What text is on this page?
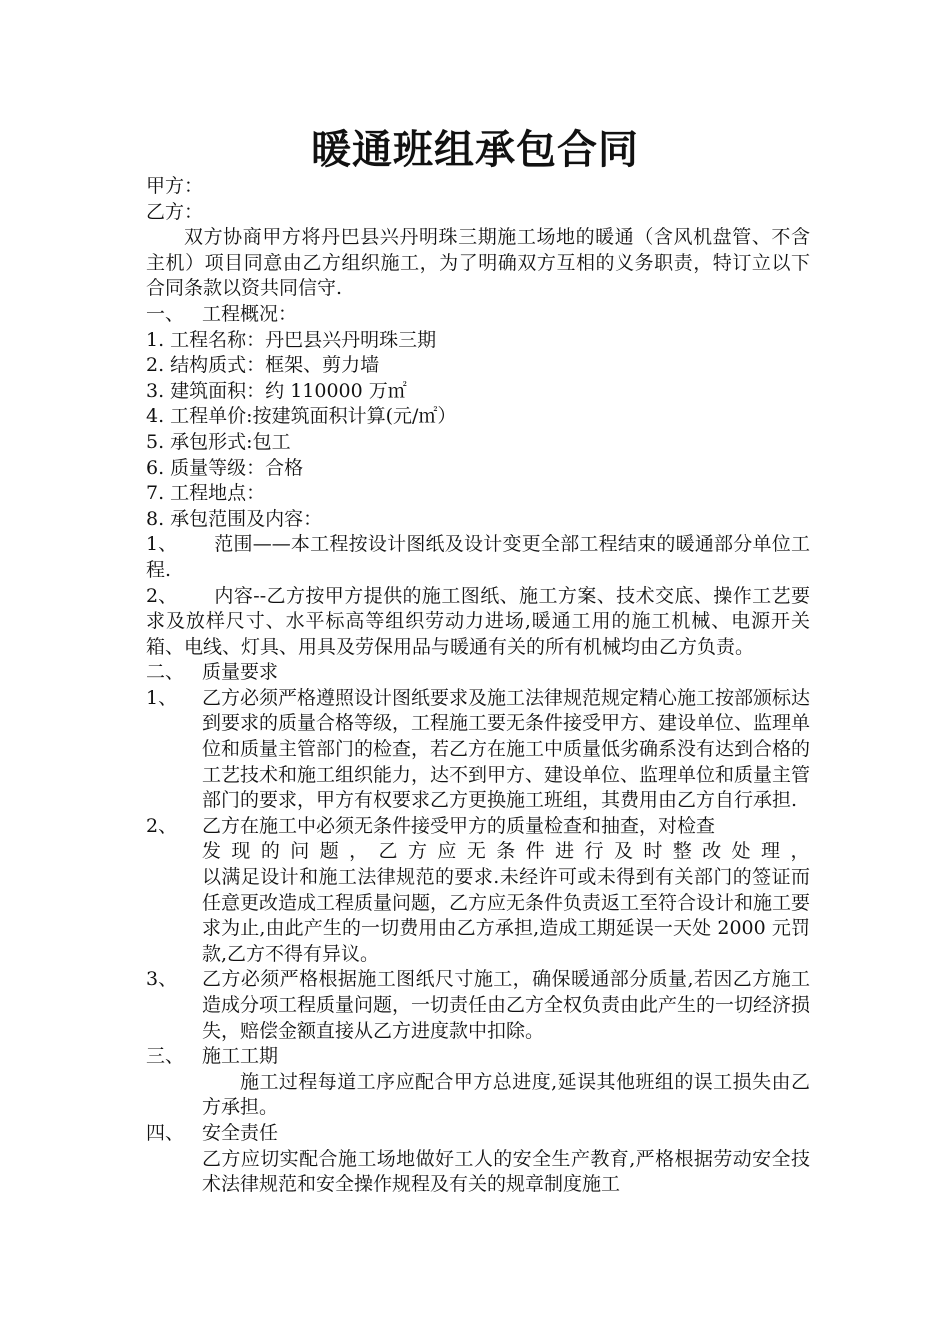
暖通班组承包合同

甲方：

乙方：

双方协商甲方将丹巴县兴丹明珠三期施工场地的暖通（含风机盘管、不含主机）项目同意由乙方组织施工，为了明确双方互相的义务职责，特订立以下合同条款以资共同信守.

一、 工程概况：

1. 工程名称：丹巴县兴丹明珠三期

2. 结构质式：框架、剪力墙

3. 建筑面积：约 110000 万㎡

4. 工程单价:按建筑面积计算(元/㎡）

5. 承包形式:包工

6. 质量等级：合格

7. 工程地点：

8. 承包范围及内容：

1、 范围——本工程按设计图纸及设计变更全部工程结束的暖通部分单位工程.
2、 内容--乙方按甲方提供的施工图纸、施工方案、技术交底、操作工艺要求及放样尺寸、水平标高等组织劳动力进场,暖通工用的施工机械、电源开关箱、电线、灯具、用具及劳保用品与暖通有关的所有机械均由乙方负责。
二、 质量要求
1、	乙方必须严格遵照设计图纸要求及施工法律规范规定精心施工按部颁标达到要求的质量合格等级，工程施工要无条件接受甲方、建设单位、监理单位和质量主管部门的检查，若乙方在施工中质量低劣确系没有达到合格的工艺技术和施工组织能力，达不到甲方、建设单位、监理单位和质量主管部门的要求，甲方有权要求乙方更换施工班组，其费用由乙方自行承担.
2、	乙方在施工中必须无条件接受甲方的质量检查和抽查，对检查
发现的问题，乙方应无条件进行及时整改处理，
以满足设计和施工法律规范的要求.未经许可或未得到有关部门的签证而任意更改造成工程质量问题，乙方应无条件负责返工至符合设计和施工要求为止,由此产生的一切费用由乙方承担,造成工期延误一天处 2000 元罚款,乙方不得有异议。
3、	乙方必须严格根据施工图纸尺寸施工，确保暖通部分质量,若因乙方施工造成分项工程质量问题，一切责任由乙方全权负责由此产生的一切经济损失，赔偿金额直接从乙方进度款中扣除。
三、 施工工期

施工过程每道工序应配合甲方总进度,延误其他班组的误工损失由乙方承担。

四、 安全责任

乙方应切实配合施工场地做好工人的安全生产教育,严格根据劳动安全技术法律规范和安全操作规程及有关的规章制度施工
